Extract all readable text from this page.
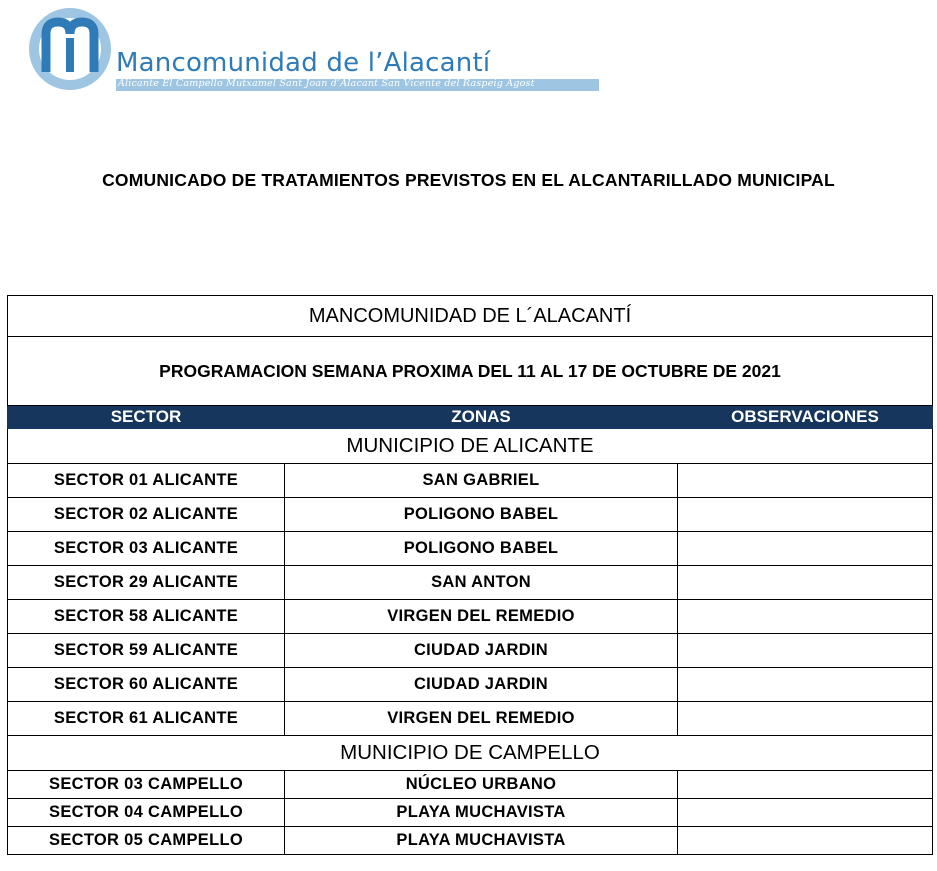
Mancomunidad de l’Alacantí
Alicante El Campello Mutxamel Sant Joan d’Alacant San Vicente del Raspeig Agost
COMUNICADO DE TRATAMIENTOS PREVISTOS EN EL ALCANTARILLADO MUNICIPAL
MANCOMUNIDAD DE L´ALACANTÍ		
PROGRAMACION SEMANA PROXIMA DEL 11 AL 17 DE OCTUBRE DE 2021		
SECTOR	ZONAS	OBSERVACIONES
MUNICIPIO DE ALICANTE		
SECTOR 01 ALICANTE	SAN GABRIEL	
SECTOR 02 ALICANTE	POLIGONO BABEL	
SECTOR 03 ALICANTE	POLIGONO BABEL	
SECTOR 29 ALICANTE	SAN ANTON	
SECTOR 58 ALICANTE	VIRGEN DEL REMEDIO	
SECTOR 59 ALICANTE	CIUDAD JARDIN	
SECTOR 60 ALICANTE	CIUDAD JARDIN	
SECTOR 61 ALICANTE	VIRGEN DEL REMEDIO	
MUNICIPIO DE CAMPELLO		
SECTOR 03 CAMPELLO	NÚCLEO URBANO	
SECTOR 04 CAMPELLO	PLAYA MUCHAVISTA	
SECTOR 05 CAMPELLO	PLAYA MUCHAVISTA	
